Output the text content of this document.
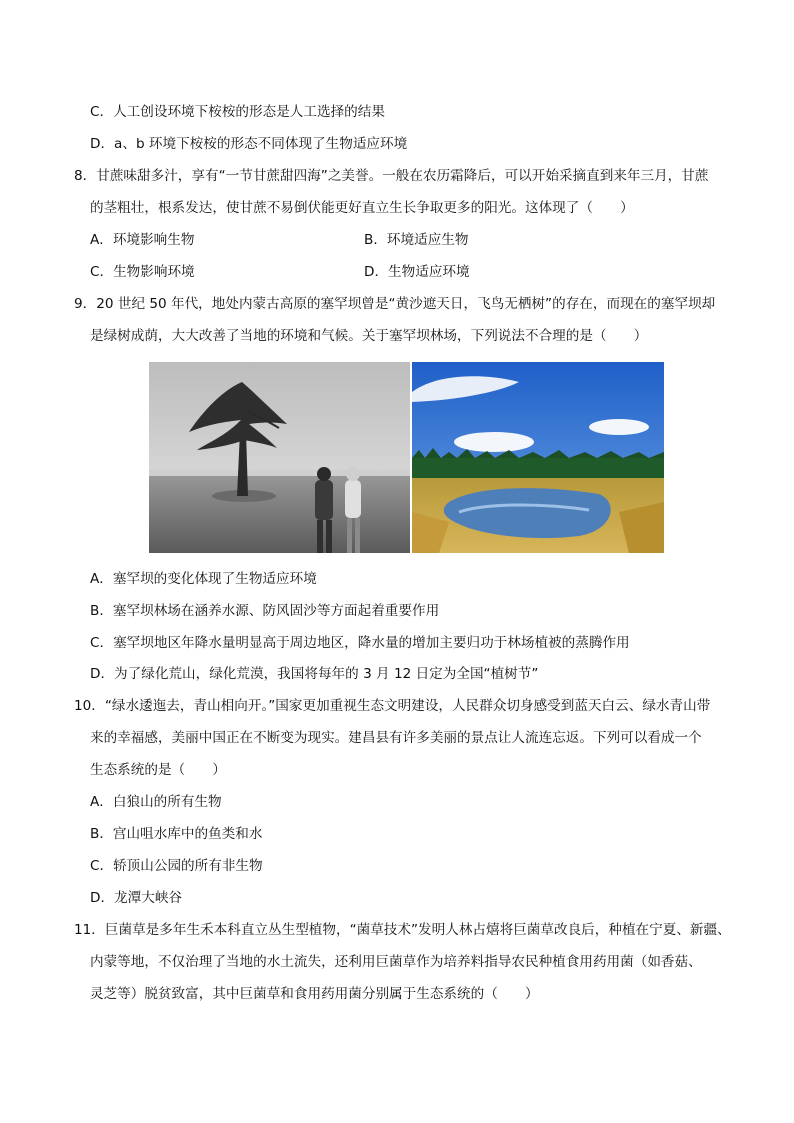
C．人工创设环境下桉桉的形态是人工选择的结果
D．a、b 环境下桉桉的形态不同体现了生物适应环境
8．甘蔗味甜多汁，享有“一节甘蔗甜四海”之美誉。一般在农历霜降后，可以开始采摘直到来年三月，甘蔗
的茎粗壮，根系发达，使甘蔗不易倒伏能更好直立生长争取更多的阳光。这体现了（　　）
A．环境影响生物	B．环境适应生物
C．生物影响环境	D．生物适应环境
9．20 世纪 50 年代，地处内蒙古高原的塞罕坝曾是“黄沙遮天日，飞鸟无栖树”的存在，而现在的塞罕坝却
是绿树成荫，大大改善了当地的环境和气候。关于塞罕坝林场，下列说法不合理的是（　　）
A．塞罕坝的变化体现了生物适应环境
B．塞罕坝林场在涵养水源、防风固沙等方面起着重要作用
C．塞罕坝地区年降水量明显高于周边地区，降水量的增加主要归功于林场植被的蒸腾作用
D．为了绿化荒山，绿化荒漠，我国将每年的 3 月 12 日定为全国“植树节”
10．“绿水逶迤去，青山相向开。”国家更加重视生态文明建设，人民群众切身感受到蓝天白云、绿水青山带
来的幸福感，美丽中国正在不断变为现实。建昌县有许多美丽的景点让人流连忘返。下列可以看成一个
生态系统的是（　　）
A．白狼山的所有生物
B．宫山咀水库中的鱼类和水
C．轿顶山公园的所有非生物
D．龙潭大峡谷
11．巨菌草是多年生禾本科直立丛生型植物，“菌草技术”发明人林占熺将巨菌草改良后，种植在宁夏、新疆、
内蒙等地，不仅治理了当地的水土流失，还利用巨菌草作为培养料指导农民种植食用药用菌（如香菇、
灵芝等）脱贫致富，其中巨菌草和食用药用菌分别属于生态系统的（　　）
